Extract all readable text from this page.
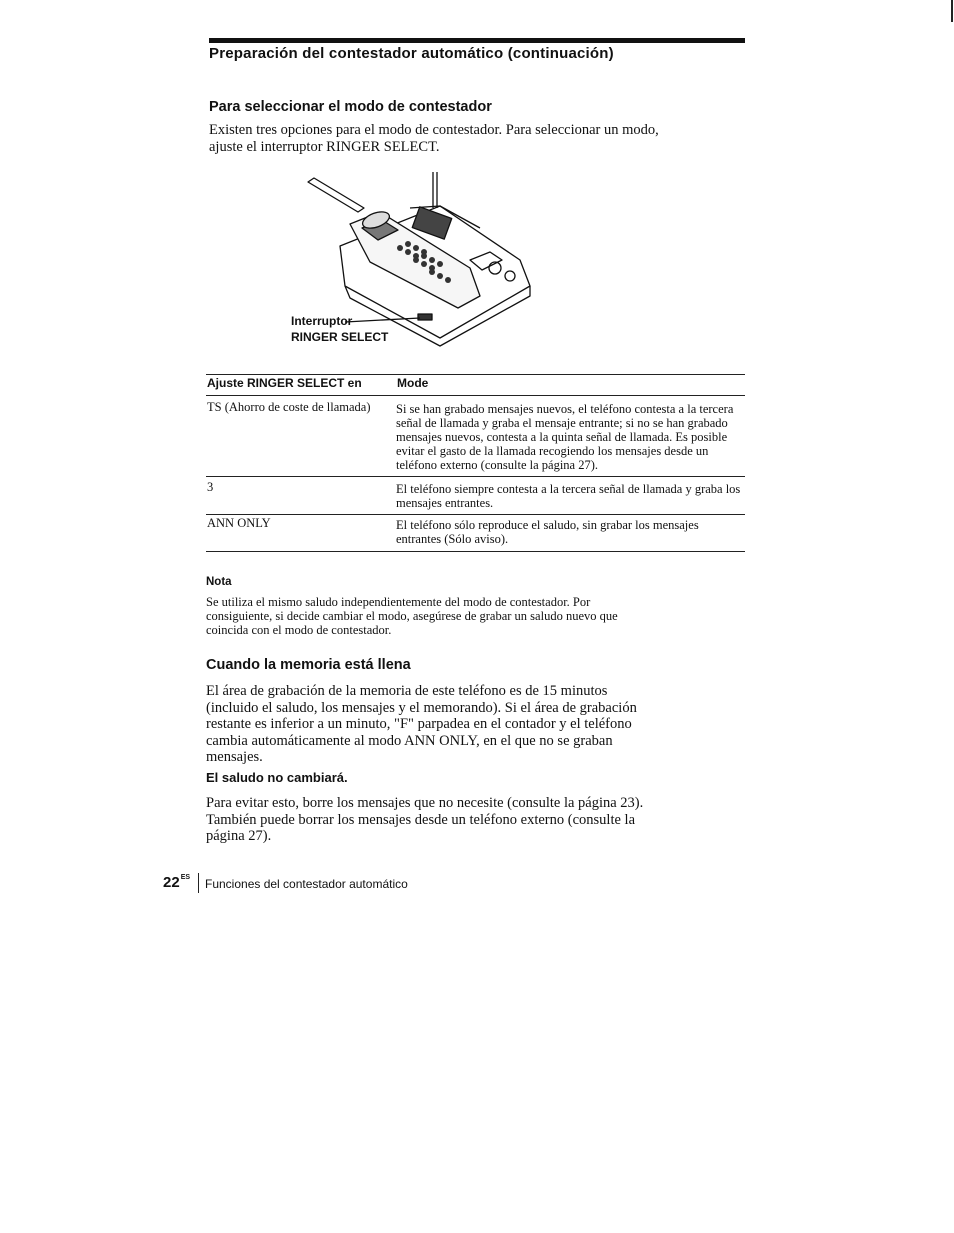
Preparación del contestador automático (continuación)
Para seleccionar el modo de contestador
Existen tres opciones para el modo de contestador. Para seleccionar un modo, ajuste el interruptor RINGER SELECT.
Interruptor
RINGER SELECT
Ajuste RINGER SELECT en	Mode
TS (Ahorro de coste de llamada)	Si se han grabado mensajes nuevos, el teléfono contesta a la tercera señal de llamada y graba el mensaje entrante; si no se han grabado mensajes nuevos, contesta a la quinta señal de llamada. Es posible evitar el gasto de la llamada recogiendo los mensajes desde un teléfono externo (consulte la página 27).
3	El teléfono siempre contesta a la tercera señal de llamada y graba los mensajes entrantes.
ANN ONLY	El teléfono sólo reproduce el saludo, sin grabar los mensajes entrantes (Sólo aviso).
Nota
Se utiliza el mismo saludo independientemente del modo de contestador. Por consiguiente, si decide cambiar el modo, asegúrese de grabar un saludo nuevo que coincida con el modo de contestador.
Cuando la memoria está llena
El área de grabación de la memoria de este teléfono es de 15 minutos (incluido el saludo, los mensajes y el memorando). Si el área de grabación restante es inferior a un minuto, "F" parpadea en el contador y el teléfono cambia automáticamente al modo ANN ONLY, en el que no se graban mensajes.
El saludo no cambiará.
Para evitar esto, borre los mensajes que no necesite (consulte la página 23). También puede borrar los mensajes desde un teléfono externo (consulte la página 27).
$22^{ES}$ Funciones del contestador automático
